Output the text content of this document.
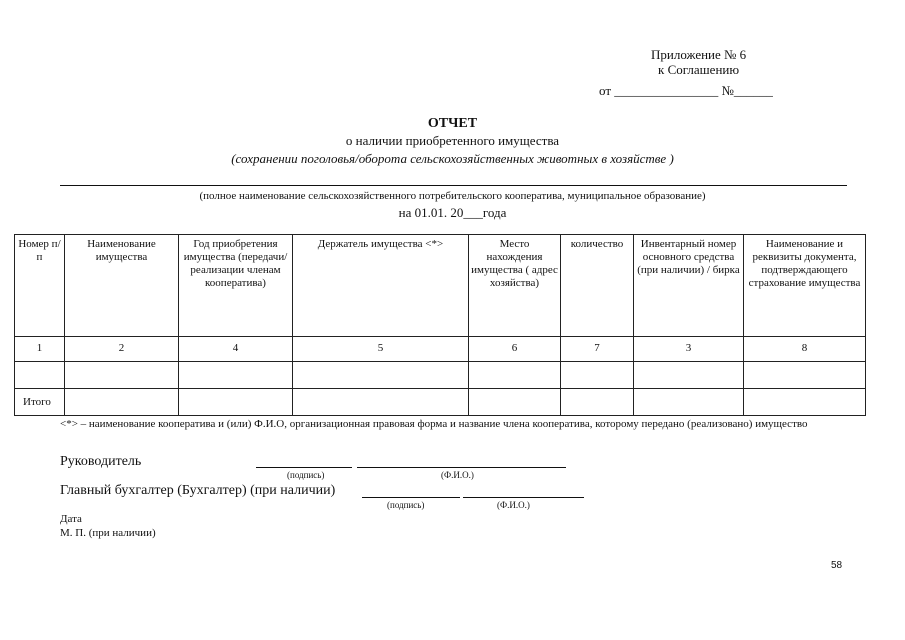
Приложение № 6
к Соглашению
от ________________ №______
ОТЧЕТ
о наличии приобретенного имущества
(сохранении поголовья/оборота сельскохозяйственных животных в хозяйстве )
(полное наименование сельскохозяйственного потребительского кооператива, муниципальное образование)
на 01.01. 20___года
Номер п/п	Наименование имущества	Год приобретения имущества (передачи/реализации членам кооператива)	Держатель имущества <*>	Место нахождения имущества ( адрес хозяйства)	количество	Инвентарный номер основного средства (при наличии) / бирка	Наименование и реквизиты документа, подтверждающего страхование имущества
1	2	4	5	6	7	3	8

Итого							
<*> – наименование кооператива и (или) Ф.И.О, организационная правовая форма и название члена кооператива, которому передано (реализовано) имущество
Руководитель
(подпись)	(Ф.И.О.)
Главный бухгалтер (Бухгалтер) (при наличии)
(подпись)	(Ф.И.О.)
Дата
М. П. (при наличии)
58
